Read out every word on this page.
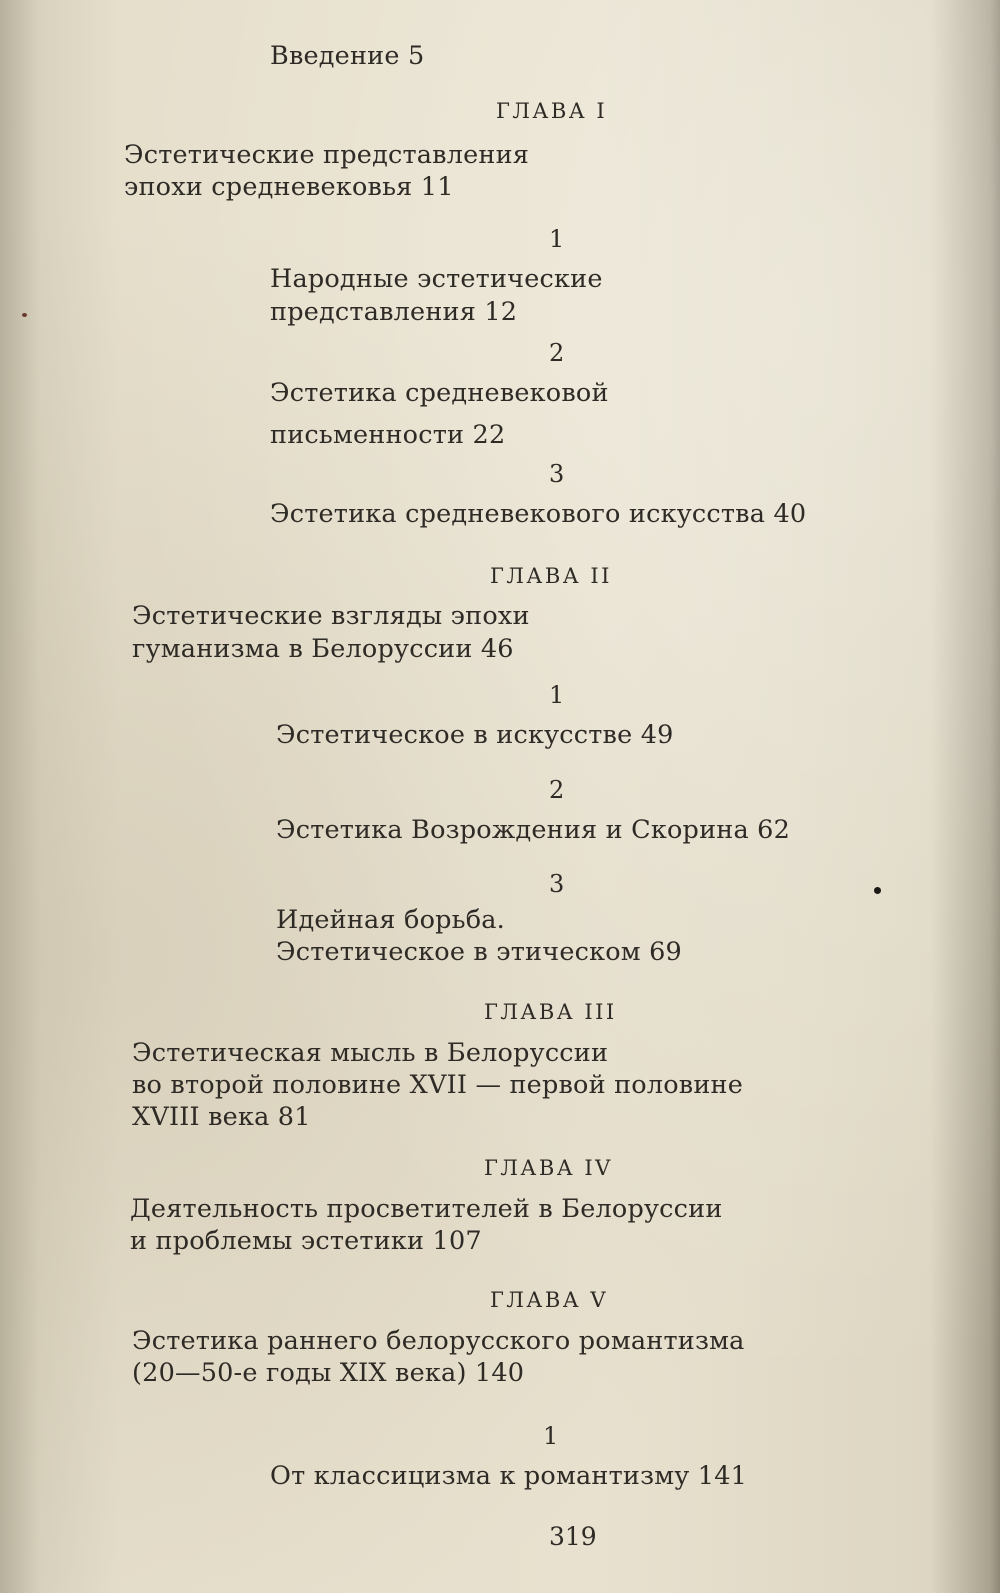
Введение 5
ГЛАВА I
Эстетические представления
эпохи средневековья 11
1
Народные эстетические
представления 12
2
Эстетика средневековой
письменности 22
3
Эстетика средневекового искусства 40
ГЛАВА II
Эстетические взгляды эпохи
гуманизма в Белоруссии 46
1
Эстетическое в искусстве 49
2
Эстетика Возрождения и Скорина 62
3
Идейная борьба.
Эстетическое в этическом 69
ГЛАВА III
Эстетическая мысль в Белоруссии
во второй половине XVII — первой половине
XVIII века 81
ГЛАВА IV
Деятельность просветителей в Белоруссии
и проблемы эстетики 107
ГЛАВА V
Эстетика раннего белорусского романтизма
(20—50-е годы XIX века) 140
1
От классицизма к романтизму 141
319
